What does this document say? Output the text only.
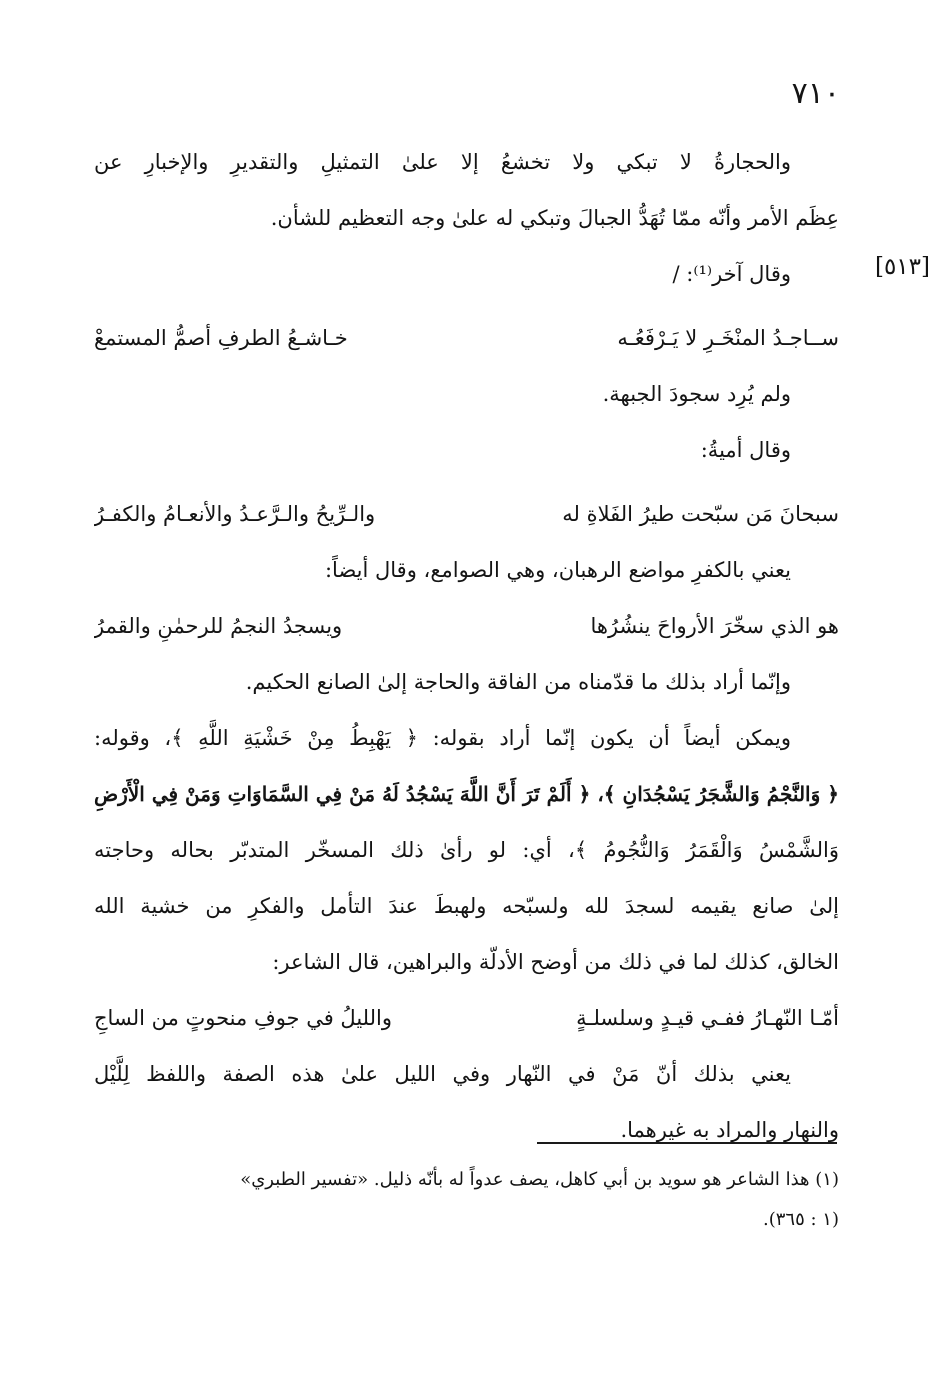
٧١٠
[٥١٣]
والحجارةُ لا تبكي ولا تخشعُ إلا علىٰ التمثيلِ والتقديرِ والإخبارِ عن
عِظَم الأمر وأنّه ممّا تُهَدُّ الجبالَ وتبكي له علىٰ وجه التعظيم للشأن.
وقال آخر⁽¹⁾: /
ســاجـدُ المنْخَـرِ لا يَـرْفَعُـه
خـاشـعُ الطرفِ أصمُّ المستمعْ
ولم يُرِد سجودَ الجبهة.
وقال أميةُ:
سبحانَ مَن سبّحت طيرُ الفَلاةِ له
والـرِّيحُ والـرَّعـدُ والأنعـامُ والكفـرُ
يعني بالكفرِ مواضع الرهبان، وهي الصوامع، وقال أيضاً:
هو الذي سخّرَ الأرواحَ ينشُرُها
ويسجدُ النجمُ للرحمٰنِ والقمرُ
وإنّما أراد بذلك ما قدّمناه من الفاقة والحاجة إلىٰ الصانع الحكيم.
ويمكن أيضاً أن يكون إنّما أراد بقوله: ﴿ يَهْبِطُ مِنْ خَشْيَةِ اللَّهِ ﴾، وقوله:
﴿ وَالنَّجْمُ وَالشَّجَرُ يَسْجُدَانِ ﴾، ﴿ أَلَمْ تَرَ أَنَّ اللَّهَ يَسْجُدُ لَهُ مَنْ فِي السَّمَاوَاتِ وَمَنْ فِي الْأَرْضِ
وَالشَّمْسُ وَالْقَمَرُ وَالنُّجُومُ ﴾، أي: لو رأىٰ ذلك المسخّر المتدبّر بحاله وحاجته
إلىٰ صانع يقيمه لسجدَ لله ولسبّحه ولهبطَ عندَ التأمل والفكرِ من خشية الله
الخالق، كذلك لما في ذلك من أوضح الأدلّة والبراهين، قال الشاعر:
أمّـا النّهـارُ ففـي قيـدٍ وسلسلـةٍ
والليلُ في جوفِ منحوتٍ من الساجِ
يعني بذلك أنّ مَنْ في النّهار وفي الليل علىٰ هذه الصفة واللفظ لِلَّيْل
والنهار والمراد به غيرهما.
(١) هذا الشاعر هو سويد بن أبي كاهل، يصف عدواً له بأنّه ذليل. «تفسير الطبري»
(١ : ٣٦٥).
